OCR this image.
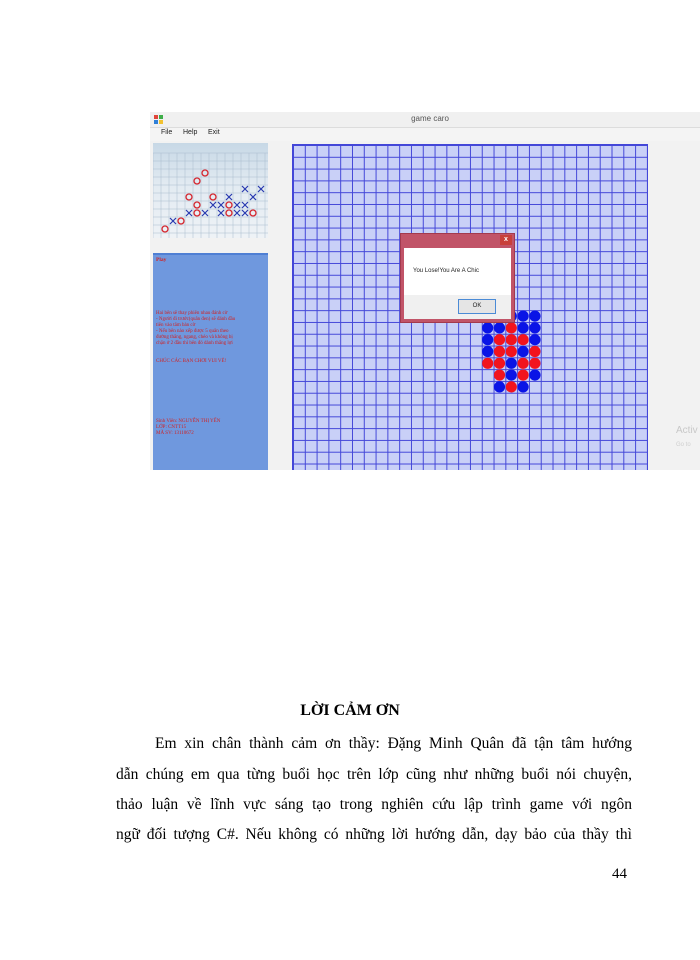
game caro
File Help Exit
Play
Hai bên sẽ thay phiên nhau đánh cờ
- Người đi trước(quân đen) sẽ đánh đầu
tiên vào tâm bàn cờ
- Nếu bên nào xếp được 5 quân theo
đường thẳng, ngang, chéo và không bị
chặn ở 2 đầu thì bên đó dành thắng lợi
CHÚC CÁC BẠN CHƠI VUI VẺ!
Sinh Viên: NGUYỄN THỊ YẾN
LỚP: CNTT15
MÃ SV: 13110672
x
You Lose!You Are A Chic
OK
Activ
Go to
LỜI CẢM ƠN
Em xin chân thành cảm ơn thầy: Đặng Minh Quân đã tận tâm hướng
dẫn chúng em qua từng buổi học trên lớp cũng như những buổi nói chuyện,
thảo luận về lĩnh vực sáng tạo trong nghiên cứu lập trình game với ngôn
ngữ đối tượng C#. Nếu không có những lời hướng dẫn, dạy bảo của thầy thì
44
